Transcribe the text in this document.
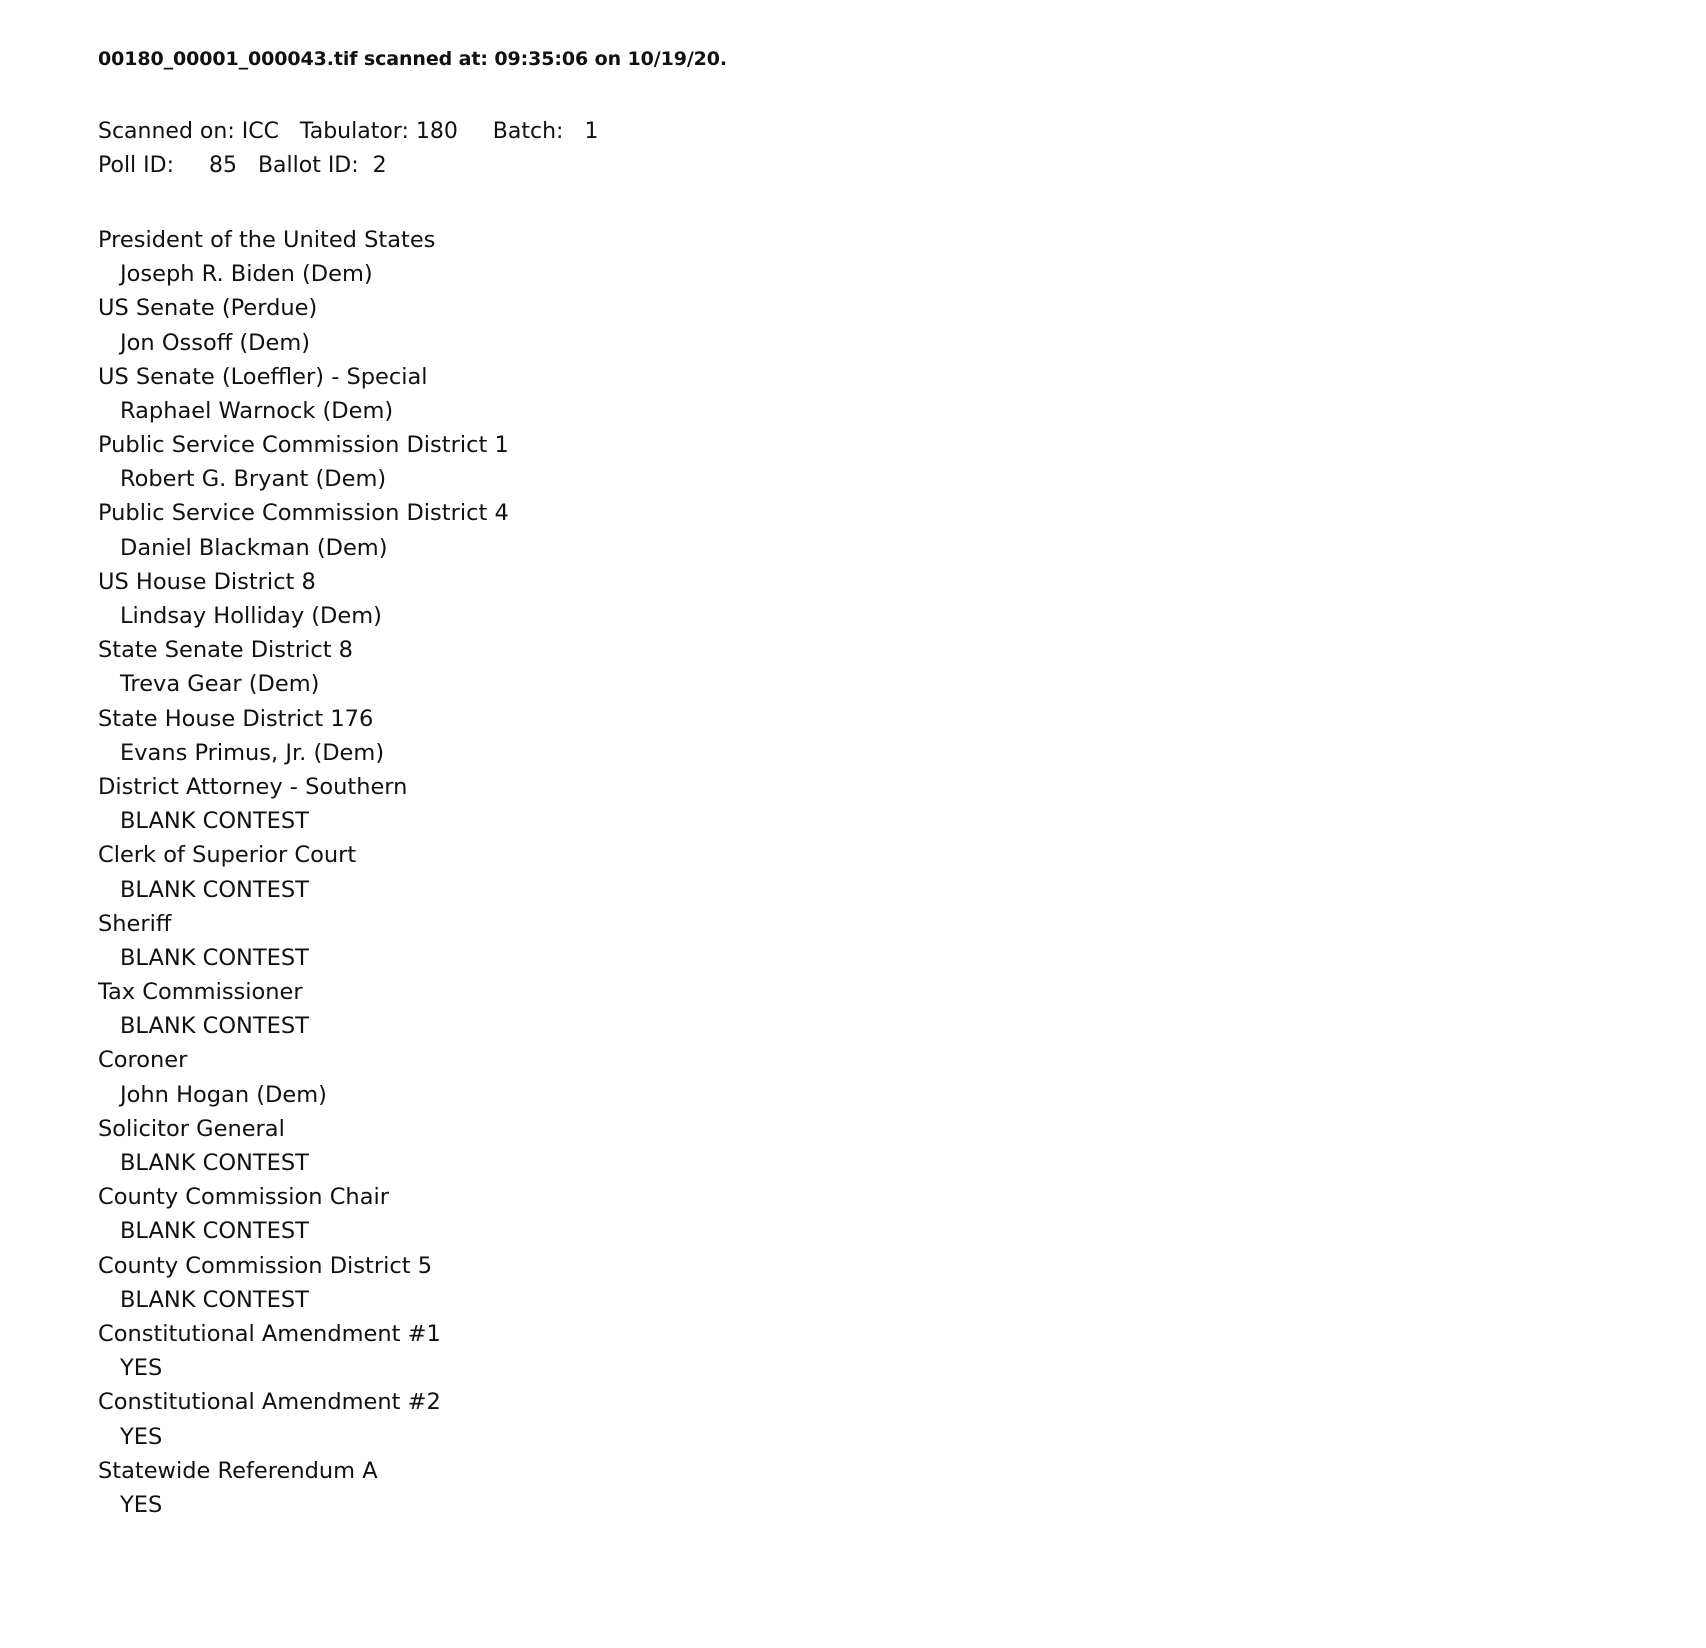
00180_00001_000043.tif scanned at: 09:35:06 on 10/19/20.
Scanned on: ICC   Tabulator: 180     Batch:   1
Poll ID:     85   Ballot ID:  2
President of the United States
Joseph R. Biden (Dem)
US Senate (Perdue)
Jon Ossoff (Dem)
US Senate (Loeffler) - Special
Raphael Warnock (Dem)
Public Service Commission District 1
Robert G. Bryant (Dem)
Public Service Commission District 4
Daniel Blackman (Dem)
US House District 8
Lindsay Holliday (Dem)
State Senate District 8
Treva Gear (Dem)
State House District 176
Evans Primus, Jr. (Dem)
District Attorney - Southern
BLANK CONTEST
Clerk of Superior Court
BLANK CONTEST
Sheriff
BLANK CONTEST
Tax Commissioner
BLANK CONTEST
Coroner
John Hogan (Dem)
Solicitor General
BLANK CONTEST
County Commission Chair
BLANK CONTEST
County Commission District 5
BLANK CONTEST
Constitutional Amendment #1
YES
Constitutional Amendment #2
YES
Statewide Referendum A
YES
